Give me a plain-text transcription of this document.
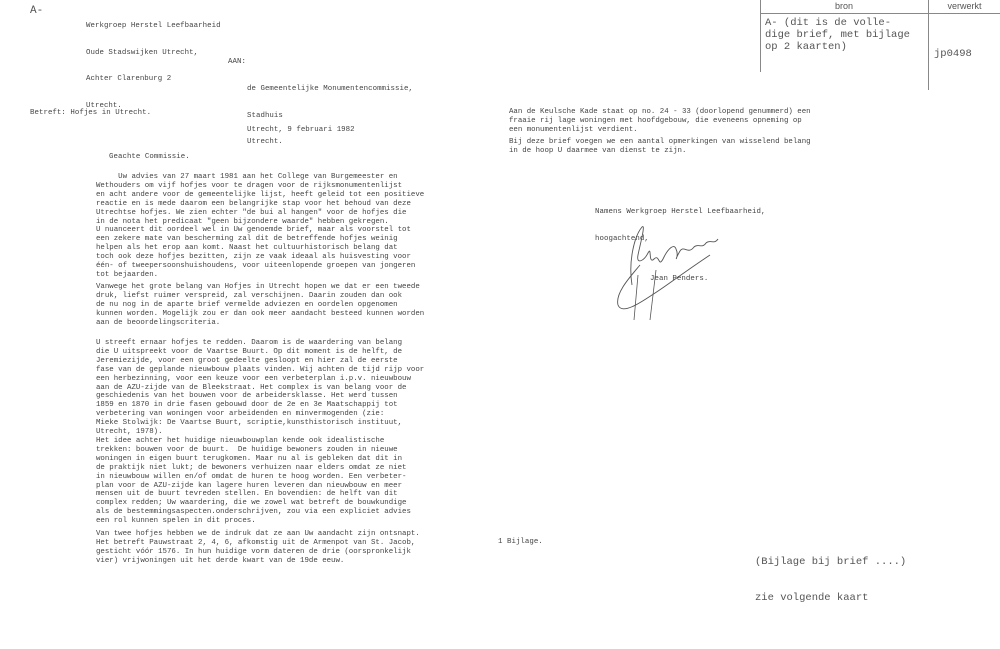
A-

Werkgroep Herstel Leefbaarheid

Oude Stadswijken Utrecht,

Achter Clarenburg 2

Utrecht.

AAN:

de Gemeentelijke Monumentencommissie,

Stadhuis

Utrecht.

Betreft: Hofjes in Utrecht.
Utrecht, 9 februari 1982
Geachte Commissie.
Uw advies van 27 maart 1981 aan het College van Burgemeester en
Wethouders om vijf hofjes voor te dragen voor de rijksmonumentenlijst
en acht andere voor de gemeentelijke lijst, heeft geleid tot een positieve
reactie en is mede daarom een belangrijke stap voor het behoud van deze
Utrechtse hofjes. We zien echter "de bui al hangen" voor de hofjes die
in de nota het predicaat "geen bijzondere waarde" hebben gekregen.
U nuanceert dit oordeel wel in Uw genoemde brief, maar als voorstel tot
een zekere mate van bescherming zal dit de betreffende hofjes weinig
helpen als het erop aan komt. Naast het cultuurhistorisch belang dat
toch ook deze hofjes bezitten, zijn ze vaak ideaal als huisvesting voor
één- of tweepersoonshuishoudens, voor uiteenlopende groepen van jongeren
tot bejaarden.
Vanwege het grote belang van Hofjes in Utrecht hopen we dat er een tweede
druk, liefst ruimer verspreid, zal verschijnen. Daarin zouden dan ook
de nu nog in de aparte brief vermelde adviezen en oordelen opgenomen
kunnen worden. Mogelijk zou er dan ook meer aandacht besteed kunnen worden
aan de beoordelingscriteria.
U streeft ernaar hofjes te redden. Daarom is de waardering van belang
die U uitspreekt voor de Vaartse Buurt. Op dit moment is de helft, de
Jeremiezijde, voor een groot gedeelte gesloopt en hier zal de eerste
fase van de geplande nieuwbouw plaats vinden. Wij achten de tijd rijp voor
een herbezinning, voor een keuze voor een verbeterplan i.p.v. nieuwbouw
aan de AZU-zijde van de Bleekstraat. Het complex is van belang voor de
geschiedenis van het bouwen voor de arbeidersklasse. Het werd tussen
1859 en 1870 in drie fasen gebouwd door de 2e en 3e Maatschappij tot
verbetering van woningen voor arbeidenden en minvermogenden (zie:
Mieke Stolwijk: De Vaartse Buurt, scriptie,kunsthistorisch instituut,
Utrecht, 1978).
Het idee achter het huidige nieuwbouwplan kende ook idealistische
trekken: bouwen voor de buurt.  De huidige bewoners zouden in nieuwe
woningen in eigen buurt terugkomen. Maar nu al is gebleken dat dit in
de praktijk niet lukt; de bewoners verhuizen naar elders omdat ze niet
in nieuwbouw willen en/of omdat de huren te hoog worden. Een verbeter-
plan voor de AZU-zijde kan lagere huren leveren dan nieuwbouw en meer
mensen uit de buurt tevreden stellen. En bovendien: de helft van dit
complex redden; Uw waardering, die we zowel wat betreft de bouwkundige
als de bestemmingsaspecten.onderschrijven, zou via een expliciet advies
een rol kunnen spelen in dit proces.
Van twee hofjes hebben we de indruk dat ze aan Uw aandacht zijn ontsnapt.
Het betreft Pauwstraat 2, 4, 6, afkomstig uit de Armenpot van St. Jacob,
gesticht vóór 1576. In hun huidige vorm dateren de drie (oorspronkelijk
vier) vrijwoningen uit het derde kwart van de 19de eeuw.
Aan de Keulsche Kade staat op no. 24 - 33 (doorlopend genummerd) een
fraaie rij lage woningen met hoofdgebouw, die eveneens opneming op
een monumentenlijst verdient.
Bij deze brief voegen we een aantal opmerkingen van wisselend belang
in de hoop U daarmee van dienst te zijn.

Namens Werkgroep Herstel Leefbaarheid,

hoogachtend,

Jean Penders.
1 Bijlage.

(Bijlage bij brief ....)

zie volgende kaart

bron	verwerkt
A- (dit is de volle-
dige brief, met bijlage
op 2 kaarten)
jp0498
